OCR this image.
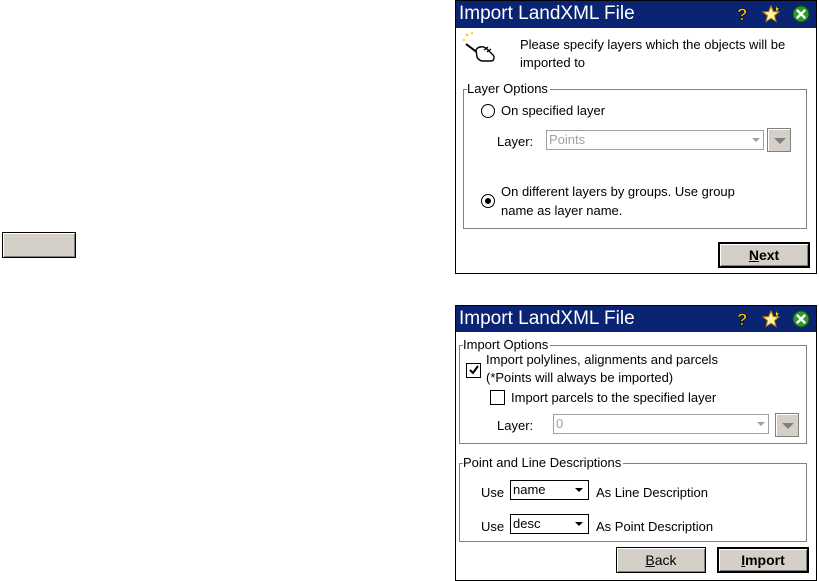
Import LandXML File	?
Please specify layers which the objects will be imported to
Layer Options
On specified layer
Layer: Points
On different layers by groups. Use group
name as layer name.
Next
Import LandXML File	?
Import Options
Import polylines, alignments and parcels
(*Points will always be imported)
Import parcels to the specified layer
Layer: 0
Point and Line Descriptions
Use name	As Line Description
Use desc	As Point Description
Back	Import
